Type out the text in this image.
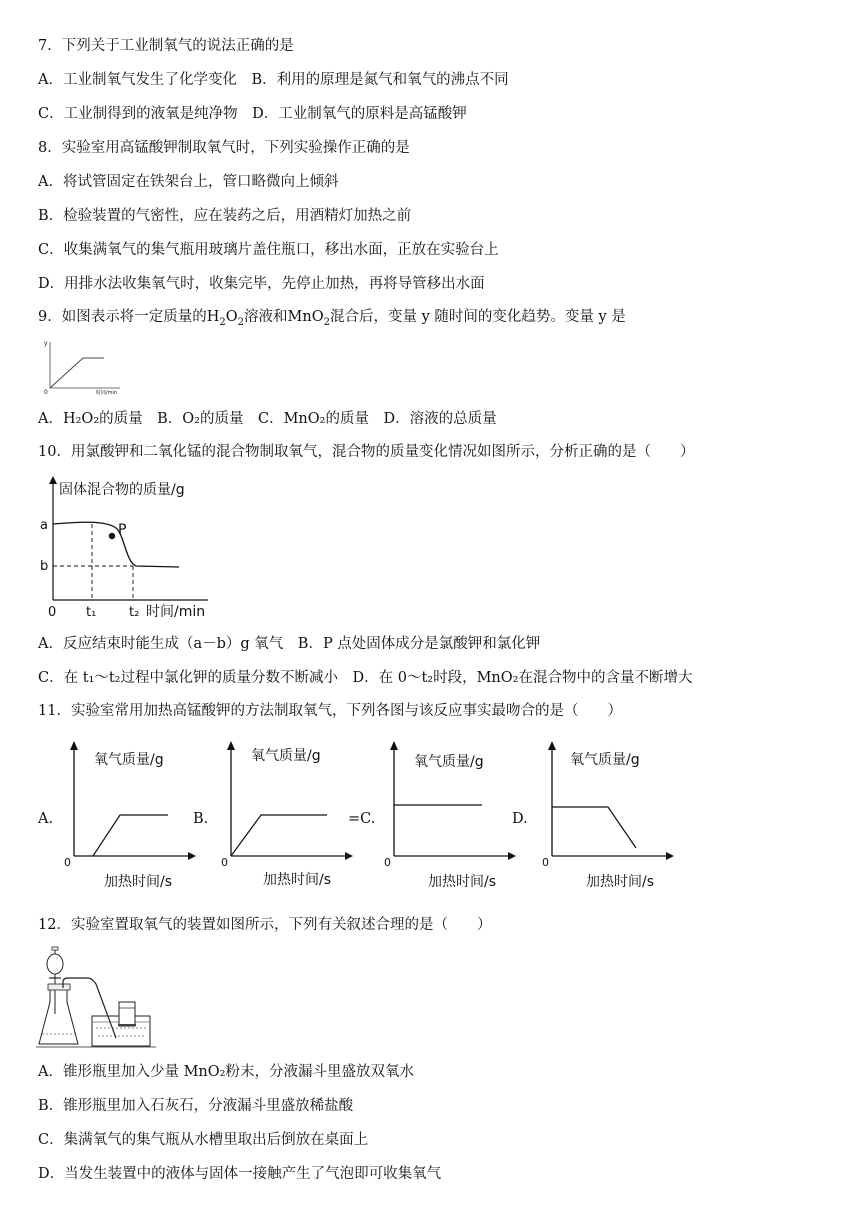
7．下列关于工业制氧气的说法正确的是
A．工业制氧气发生了化学变化　B．利用的原理是氮气和氧气的沸点不同
C．工业制得到的液氧是纯净物　D．工业制氧气的原料是高锰酸钾
8．实验室用高锰酸钾制取氧气时，下列实验操作正确的是
A．将试管固定在铁架台上，管口略微向上倾斜
B．检验装置的气密性，应在装药之后，用酒精灯加热之前
C．收集满氧气的集气瓶用玻璃片盖住瓶口，移出水面，正放在实验台上
D．用排水法收集氧气时，收集完毕，先停止加热，再将导管移出水面
9．如图表示将一定质量的$H_2O_2$溶液和MnO$_2$混合后，变量 y 随时间的变化趋势。变量 y 是
y
0	时间/min
A．H₂O₂的质量　B．O₂的质量　C．MnO₂的质量　D．溶液的总质量
10．用氯酸钾和二氧化锰的混合物制取氧气，混合物的质量变化情况如图所示，分析正确的是（　　）
固体混合物的质量/g
a
b
P
0 t₁	t₂ 时间/min
A．反应结束时能生成（a－b）g 氧气　B．P 点处固体成分是氯酸钾和氯化钾
C．在 t₁～t₂过程中氯化钾的质量分数不断减小　D．在 0～t₂时段，MnO₂在混合物中的含量不断增大
11．实验室常用加热高锰酸钾的方法制取氧气，下列各图与该反应事实最吻合的是（　　）
A.
氧气质量/g
0
加热时间/s
B.
氧气质量/g
0
加热时间/s
=C.
氧气质量/g
0
加热时间/s
D.
氧气质量/g
0
加热时间/s
12．实验室置取氧气的装置如图所示，下列有关叙述合理的是（　　）
A．锥形瓶里加入少量 MnO₂粉末，分液漏斗里盛放双氧水
B．锥形瓶里加入石灰石，分液漏斗里盛放稀盐酸
C．集满氧气的集气瓶从水槽里取出后倒放在桌面上
D．当发生装置中的液体与固体一接触产生了气泡即可收集氧气
